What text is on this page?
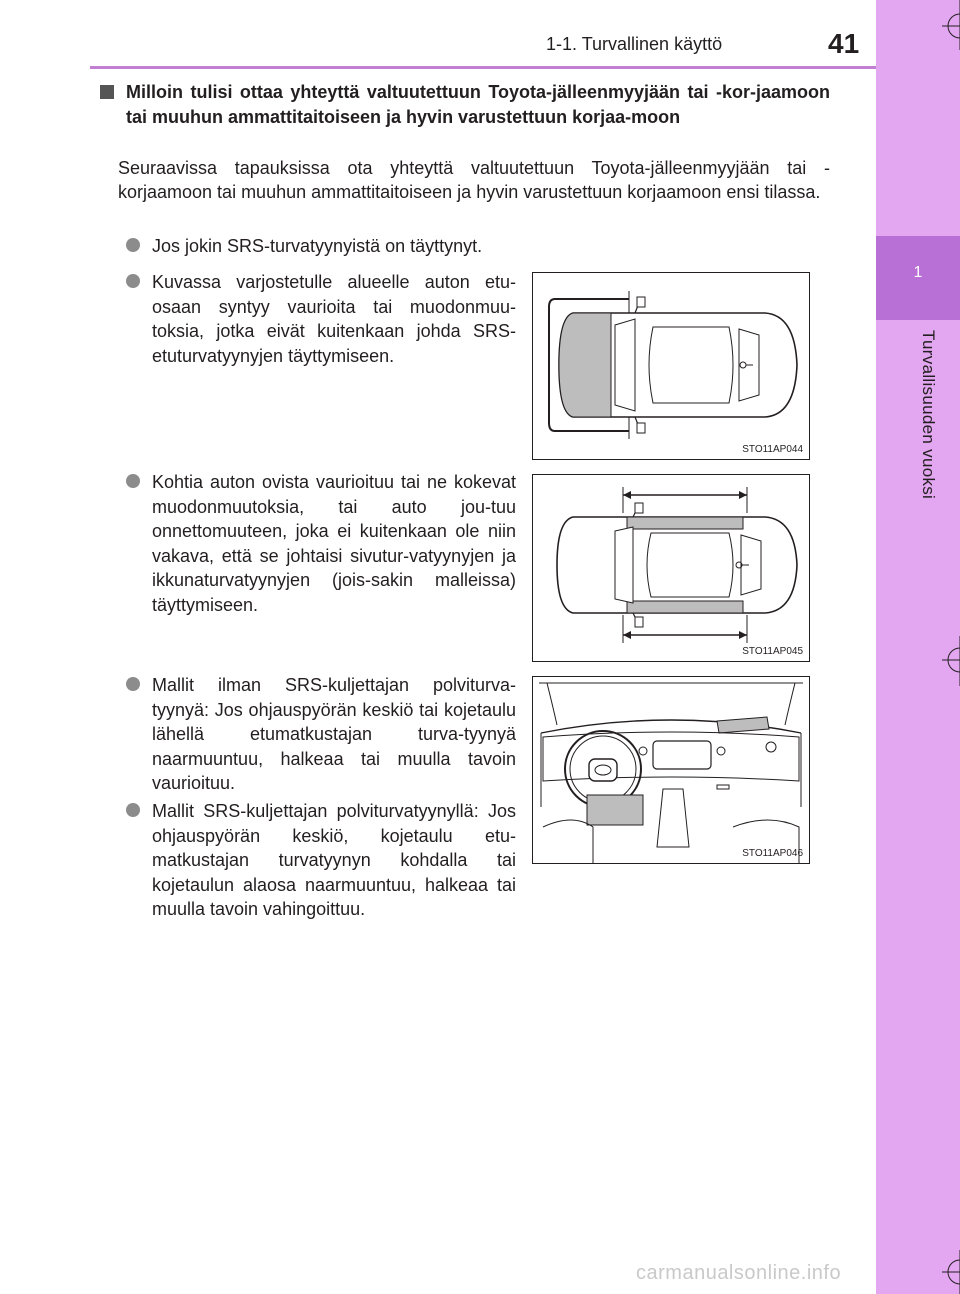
1-1. Turvallinen käyttö	41
1
Turvallisuuden vuoksi
Milloin tulisi ottaa yhteyttä valtuutettuun Toyota-jälleenmyyjään tai -kor-jaamoon tai muuhun ammattitaitoiseen ja hyvin varustettuun korjaa-moon
Seuraavissa tapauksissa ota yhteyttä valtuutettuun Toyota-jälleenmyyjään tai -korjaamoon tai muuhun ammattitaitoiseen ja hyvin varustettuun korjaamoon ensi tilassa.
Jos jokin SRS-turvatyynyistä on täyttynyt.
Kuvassa varjostetulle alueelle auton etu-osaan syntyy vaurioita tai muodonmuu-toksia, jotka eivät kuitenkaan johda SRS-etuturvatyynyjen täyttymiseen.
Kohtia auton ovista vaurioituu tai ne kokevat muodonmuutoksia, tai auto jou-tuu onnettomuuteen, joka ei kuitenkaan ole niin vakava, että se johtaisi sivutur-vatyynyjen ja ikkunaturvatyynyjen (jois-sakin malleissa) täyttymiseen.
Mallit ilman SRS-kuljettajan polviturva-tyynyä: Jos ohjauspyörän keskiö tai kojetaulu lähellä etumatkustajan turva-tyynyä naarmuuntuu, halkeaa tai muulla tavoin vaurioituu.
Mallit SRS-kuljettajan polviturvatyynyllä: Jos ohjauspyörän keskiö, kojetaulu etu-matkustajan turvatyynyn kohdalla tai kojetaulun alaosa naarmuuntuu, halkeaa tai muulla tavoin vahingoittuu.
STO11AP044
STO11AP045
STO11AP046
carmanualsonline.info
